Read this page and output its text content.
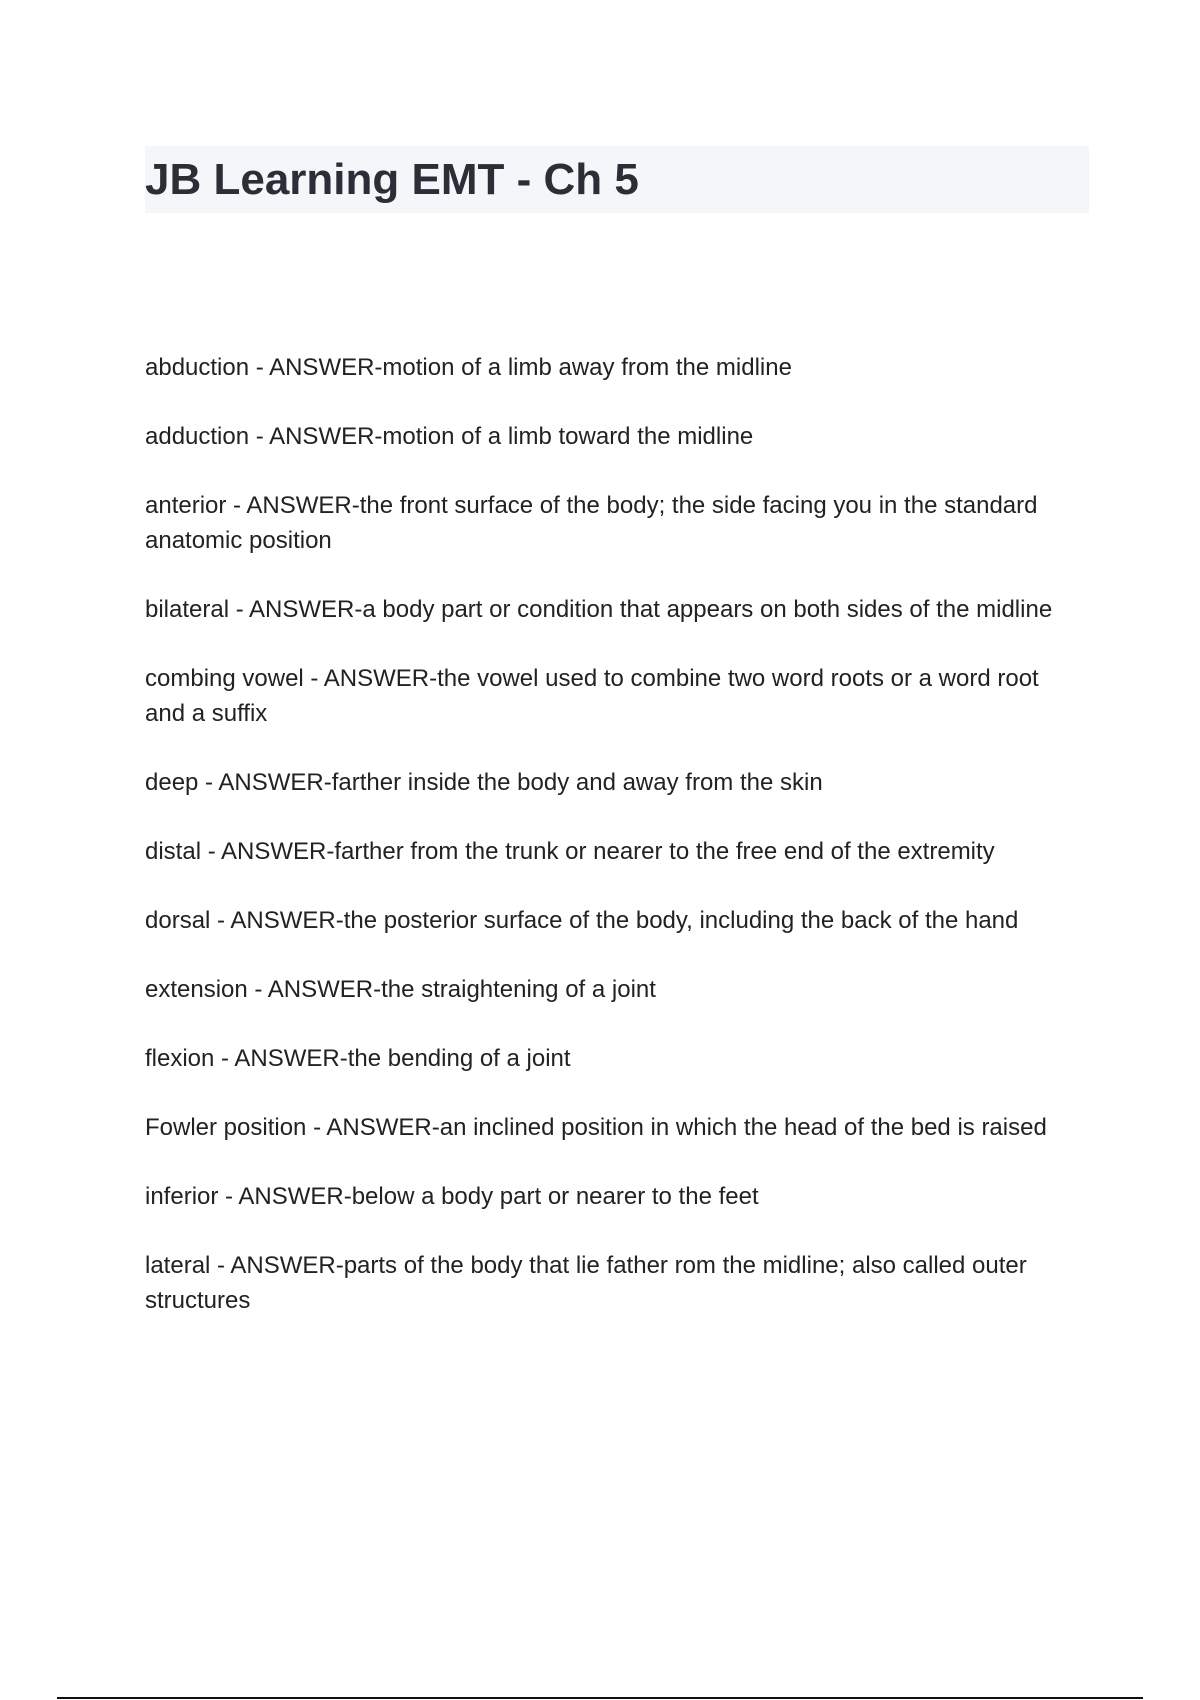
JB Learning EMT - Ch 5

abduction - ANSWER-motion of a limb away from the midline

adduction - ANSWER-motion of a limb toward the midline

anterior - ANSWER-the front surface of the body; the side facing you in the standard anatomic position

bilateral - ANSWER-a body part or condition that appears on both sides of the midline

combing vowel - ANSWER-the vowel used to combine two word roots or a word root and a suffix

deep - ANSWER-farther inside the body and away from the skin

distal - ANSWER-farther from the trunk or nearer to the free end of the extremity

dorsal - ANSWER-the posterior surface of the body, including the back of the hand

extension - ANSWER-the straightening of a joint

flexion - ANSWER-the bending of a joint

Fowler position - ANSWER-an inclined position in which the head of the bed is raised

inferior - ANSWER-below a body part or nearer to the feet

lateral - ANSWER-parts of the body that lie father rom the midline; also called outer structures
